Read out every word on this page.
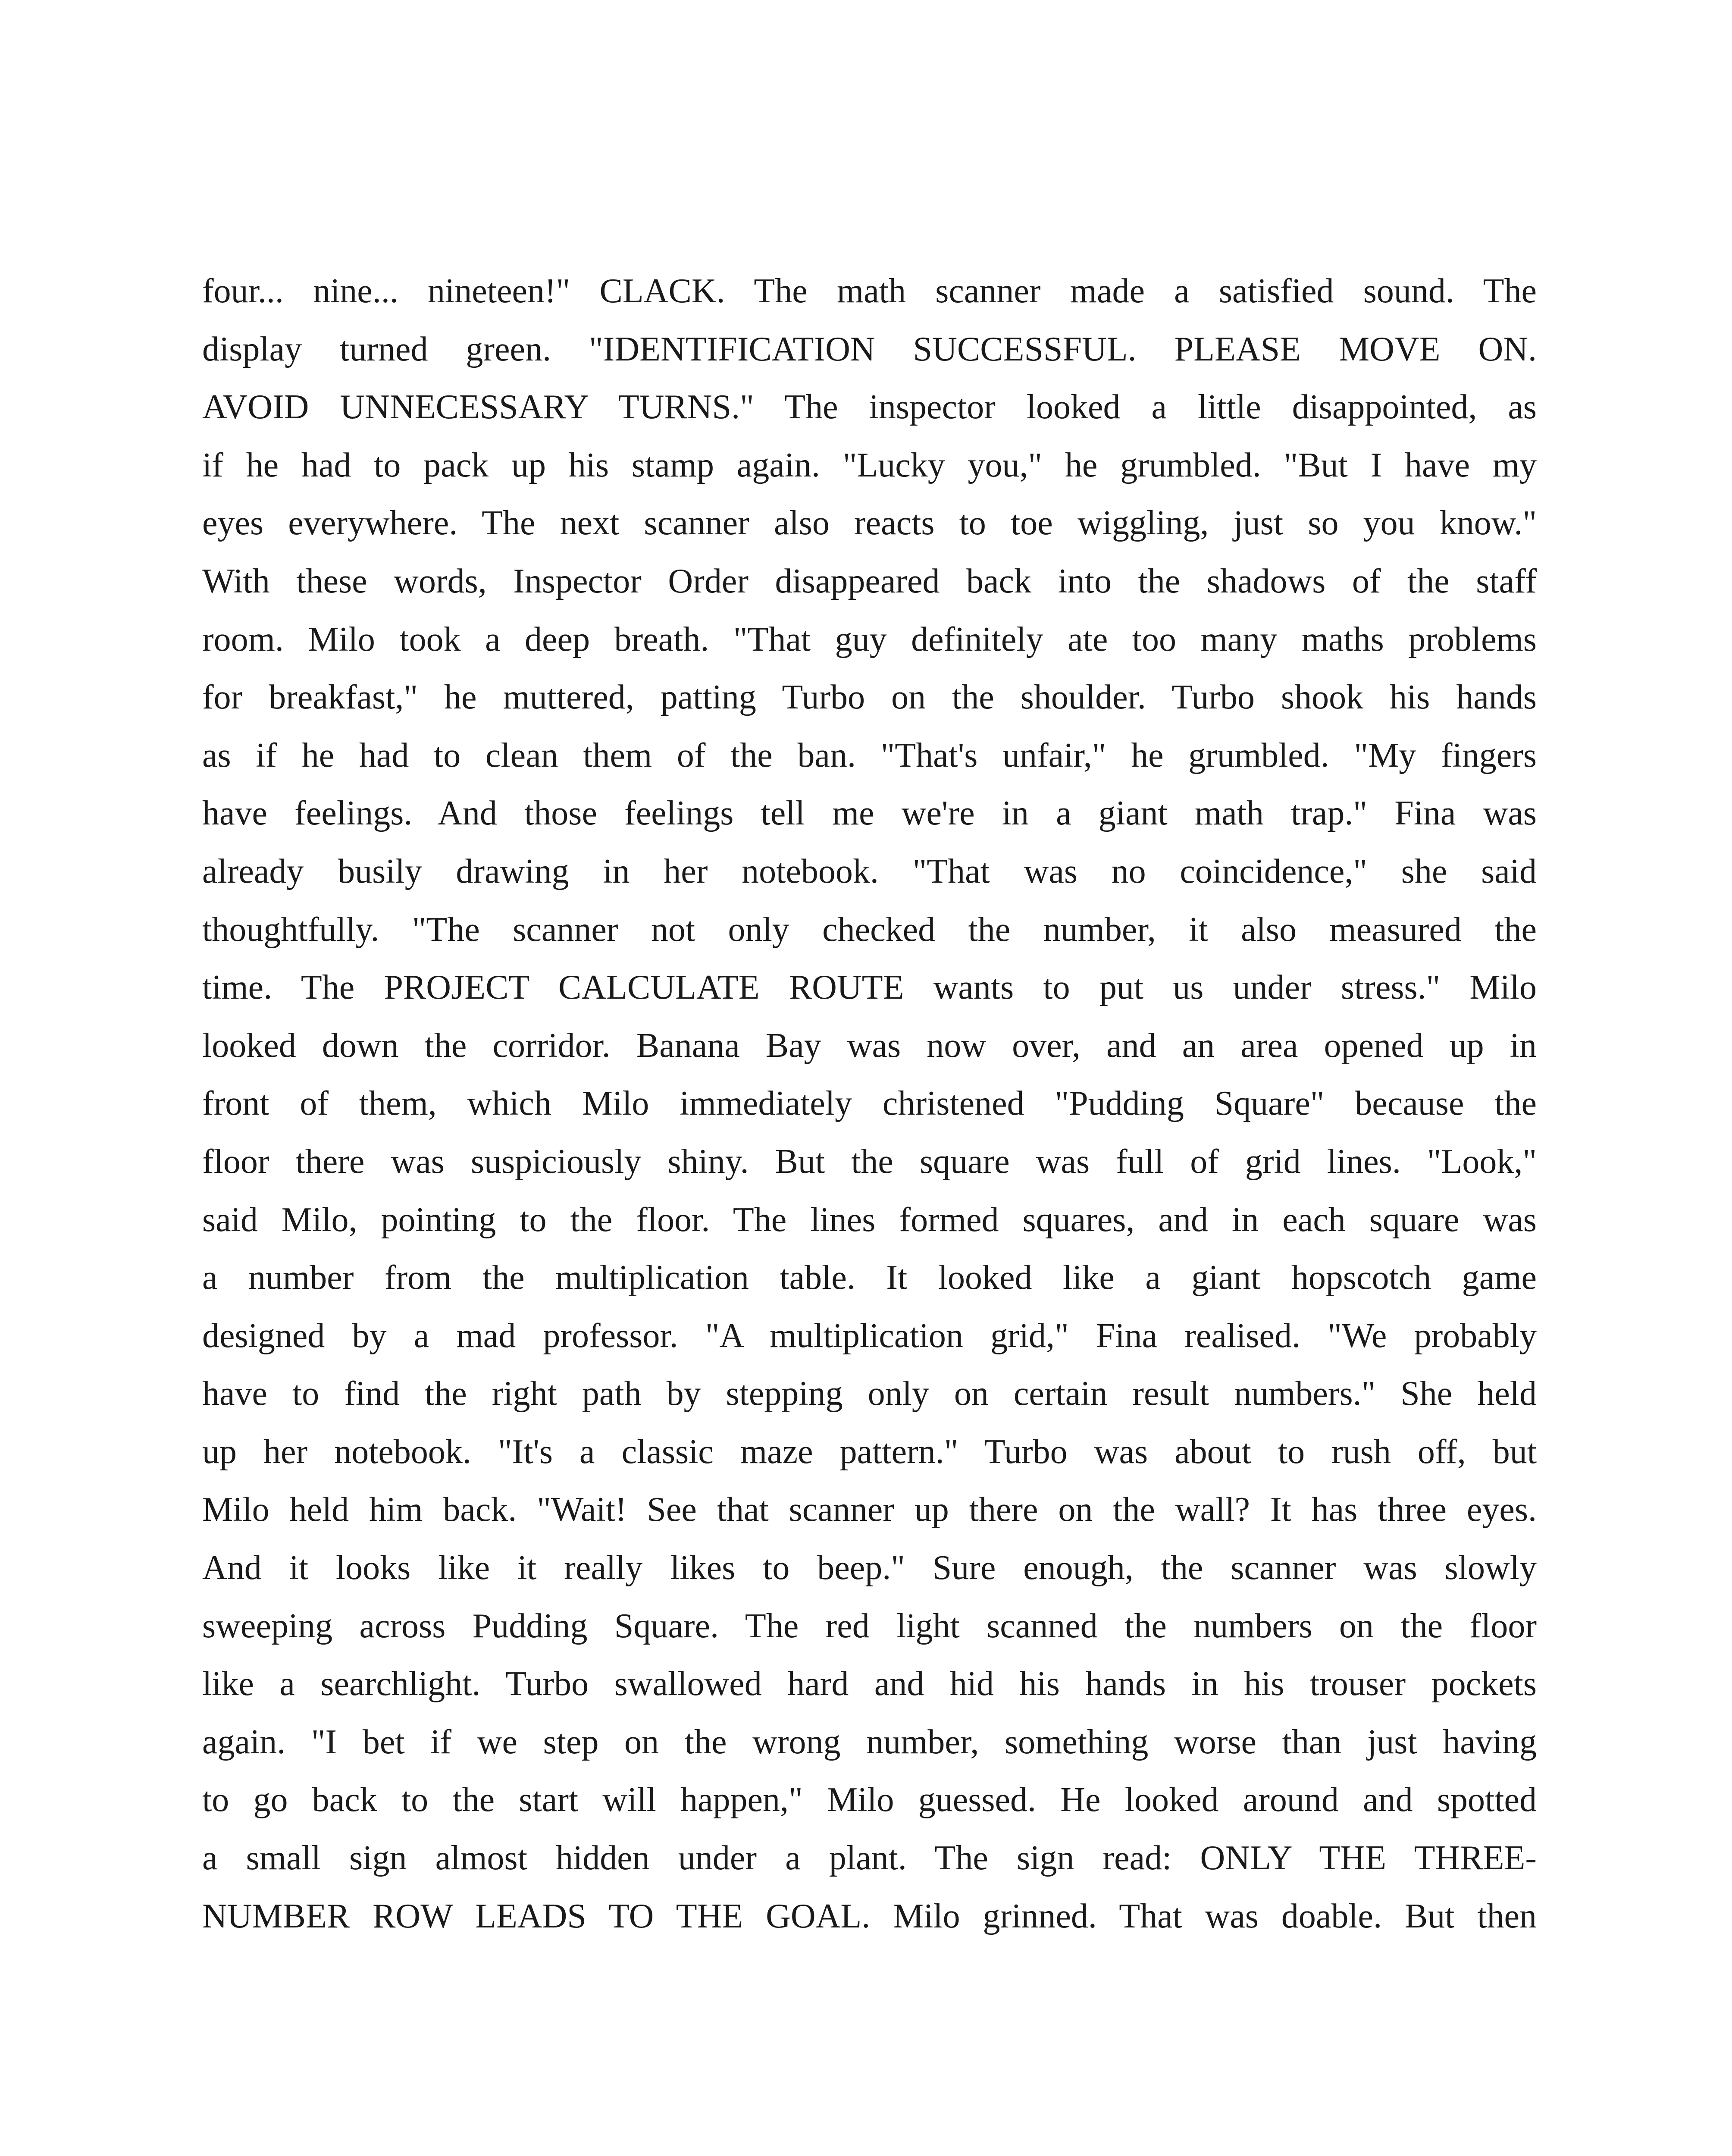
four... nine... nineteen!" CLACK. The math scanner made a satisfied sound. The
display turned green. "IDENTIFICATION SUCCESSFUL. PLEASE MOVE ON.
AVOID UNNECESSARY TURNS." The inspector looked a little disappointed, as
if he had to pack up his stamp again. "Lucky you," he grumbled. "But I have my
eyes everywhere. The next scanner also reacts to toe wiggling, just so you know."
With these words, Inspector Order disappeared back into the shadows of the staff
room. Milo took a deep breath. "That guy definitely ate too many maths problems
for breakfast," he muttered, patting Turbo on the shoulder. Turbo shook his hands
as if he had to clean them of the ban. "That's unfair," he grumbled. "My fingers
have feelings. And those feelings tell me we're in a giant math trap." Fina was
already busily drawing in her notebook. "That was no coincidence," she said
thoughtfully. "The scanner not only checked the number, it also measured the
time. The PROJECT CALCULATE ROUTE wants to put us under stress." Milo
looked down the corridor. Banana Bay was now over, and an area opened up in
front of them, which Milo immediately christened "Pudding Square" because the
floor there was suspiciously shiny. But the square was full of grid lines. "Look,"
said Milo, pointing to the floor. The lines formed squares, and in each square was
a number from the multiplication table. It looked like a giant hopscotch game
designed by a mad professor. "A multiplication grid," Fina realised. "We probably
have to find the right path by stepping only on certain result numbers." She held
up her notebook. "It's a classic maze pattern." Turbo was about to rush off, but
Milo held him back. "Wait! See that scanner up there on the wall? It has three eyes.
And it looks like it really likes to beep." Sure enough, the scanner was slowly
sweeping across Pudding Square. The red light scanned the numbers on the floor
like a searchlight. Turbo swallowed hard and hid his hands in his trouser pockets
again. "I bet if we step on the wrong number, something worse than just having
to go back to the start will happen," Milo guessed. He looked around and spotted
a small sign almost hidden under a plant. The sign read: ONLY THE THREE-
NUMBER ROW LEADS TO THE GOAL. Milo grinned. That was doable. But then
